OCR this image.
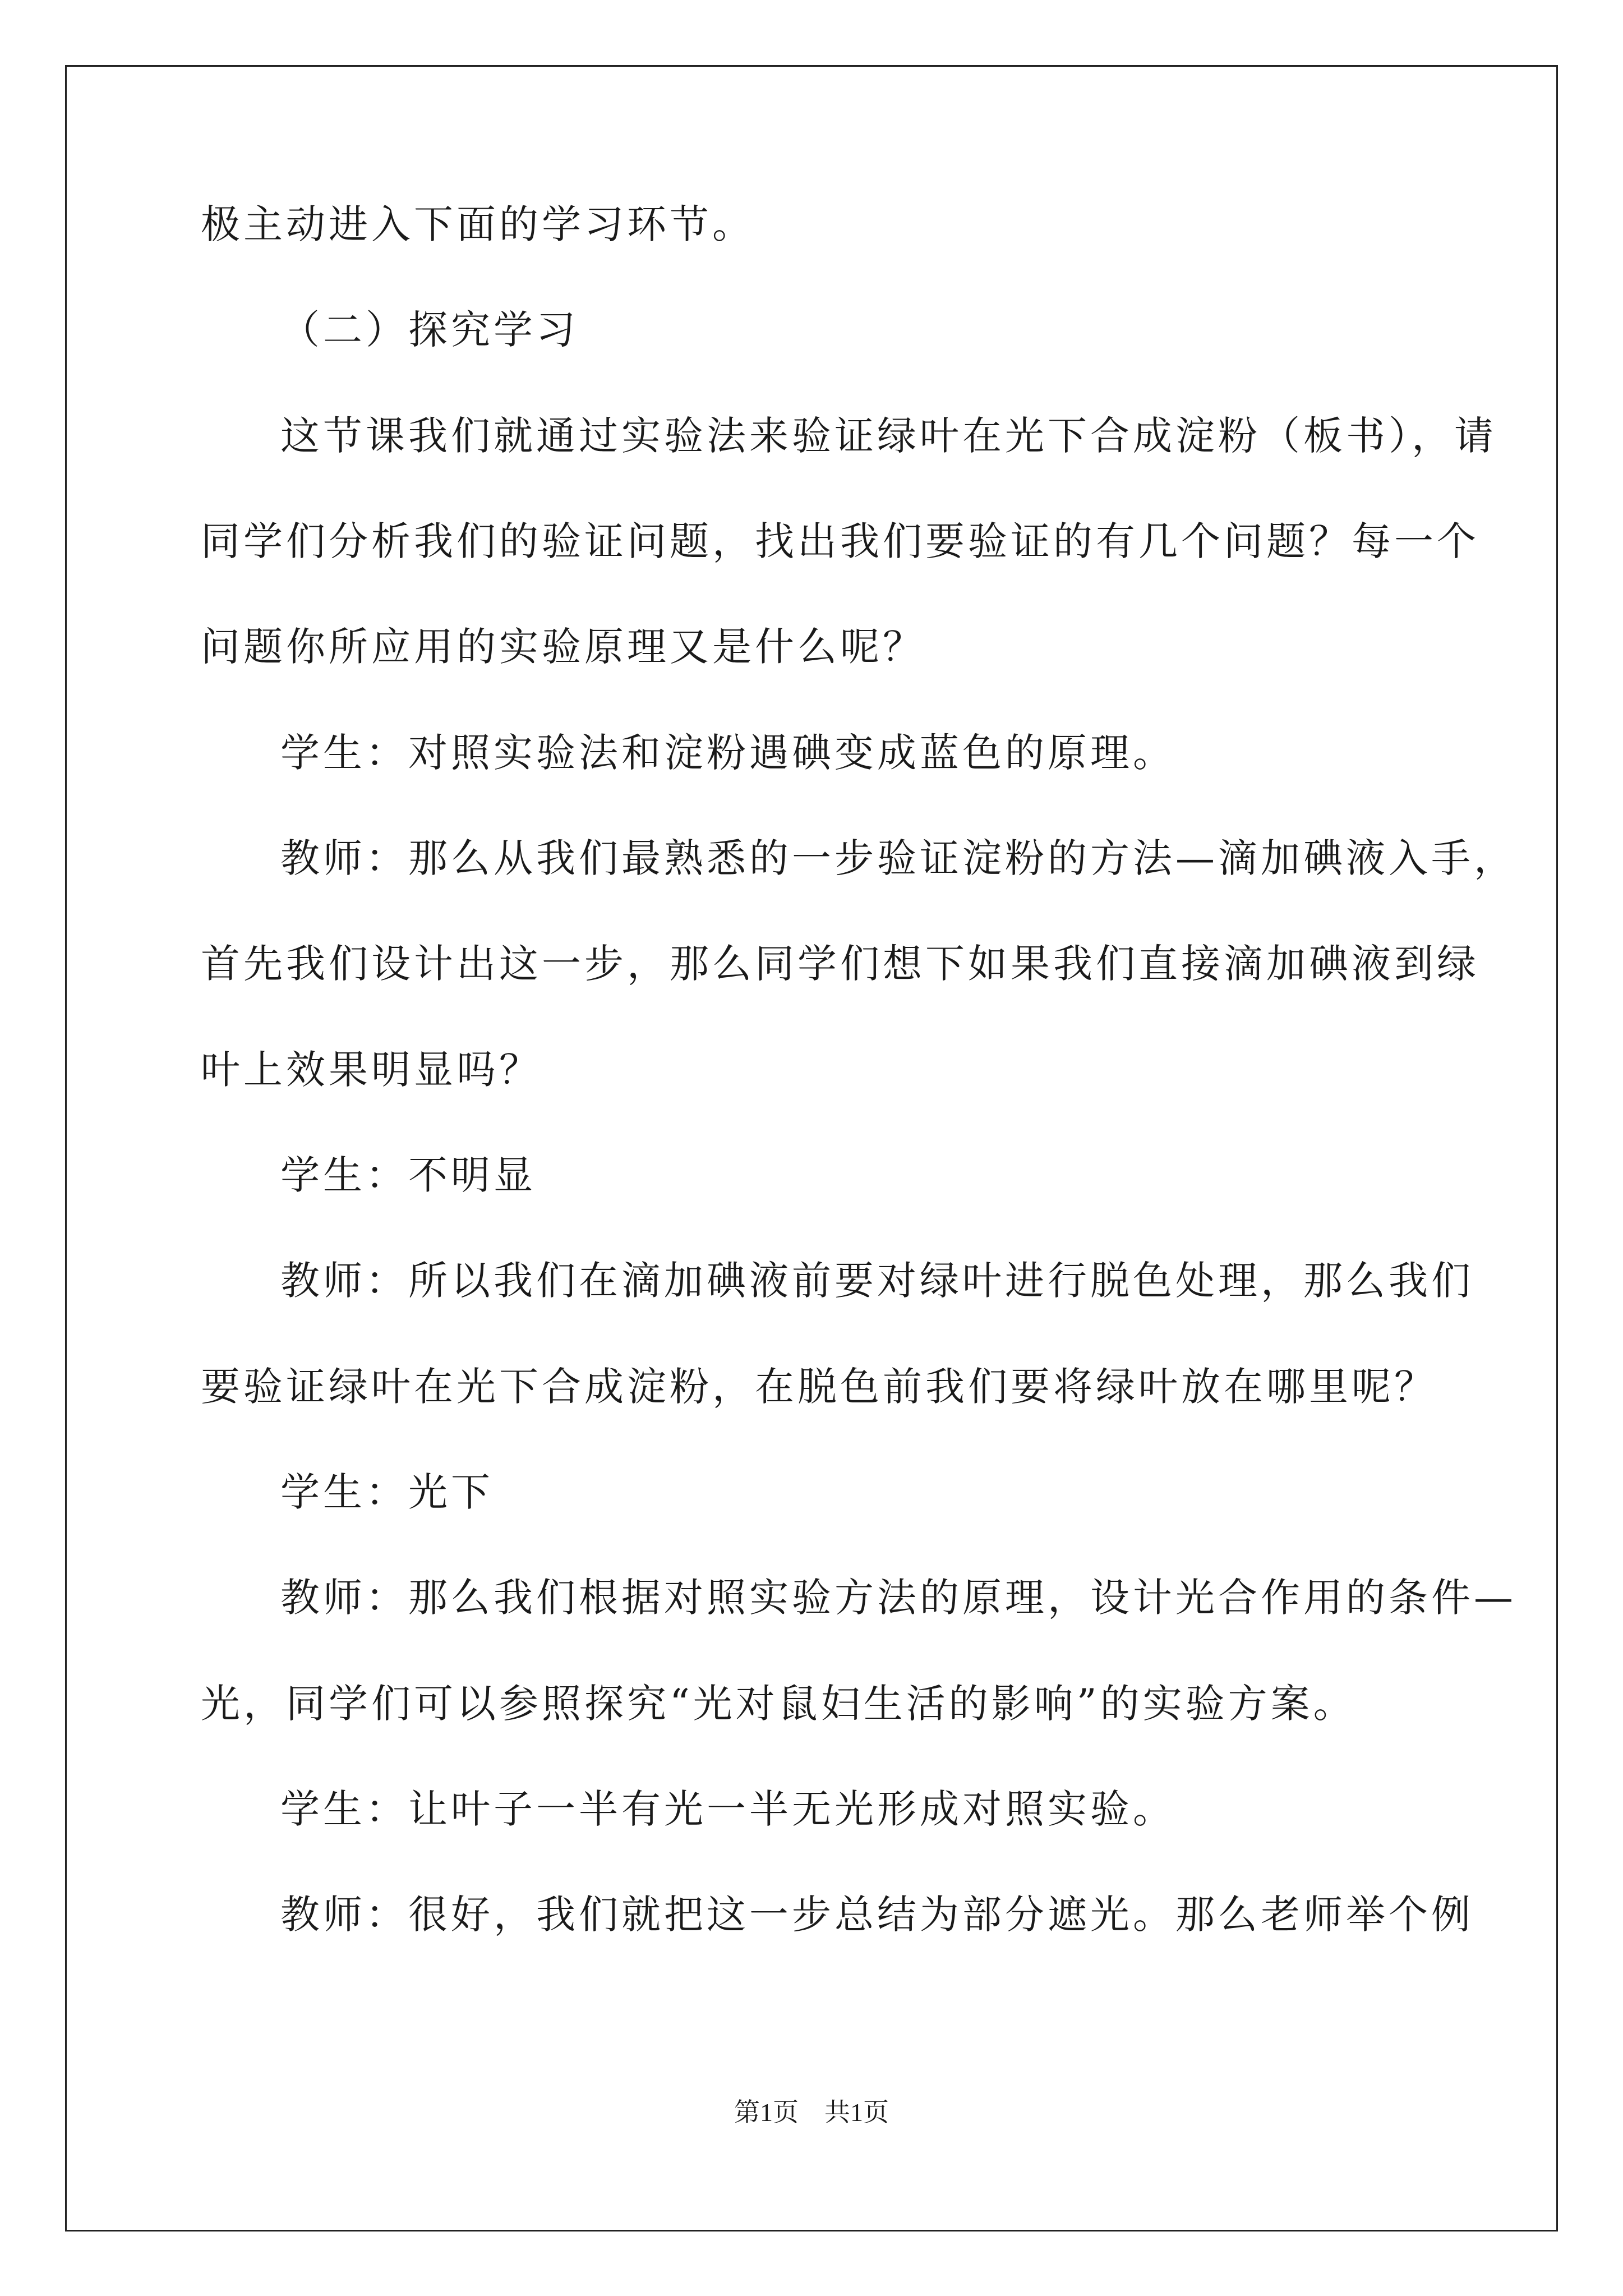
极主动进入下面的学习环节。
（二）探究学习
这节课我们就通过实验法来验证绿叶在光下合成淀粉（板书），请
同学们分析我们的验证问题，找出我们要验证的有几个问题？每一个
问题你所应用的实验原理又是什么呢？
学生：对照实验法和淀粉遇碘变成蓝色的原理。
教师：那么从我们最熟悉的一步验证淀粉的方法—滴加碘液入手，
首先我们设计出这一步，那么同学们想下如果我们直接滴加碘液到绿
叶上效果明显吗？
学生：不明显
教师：所以我们在滴加碘液前要对绿叶进行脱色处理，那么我们
要验证绿叶在光下合成淀粉，在脱色前我们要将绿叶放在哪里呢？
学生：光下
教师：那么我们根据对照实验方法的原理，设计光合作用的条件—
光，同学们可以参照探究“光对鼠妇生活的影响”的实验方案。
学生：让叶子一半有光一半无光形成对照实验。
教师：很好，我们就把这一步总结为部分遮光。那么老师举个例
第1页　共1页
